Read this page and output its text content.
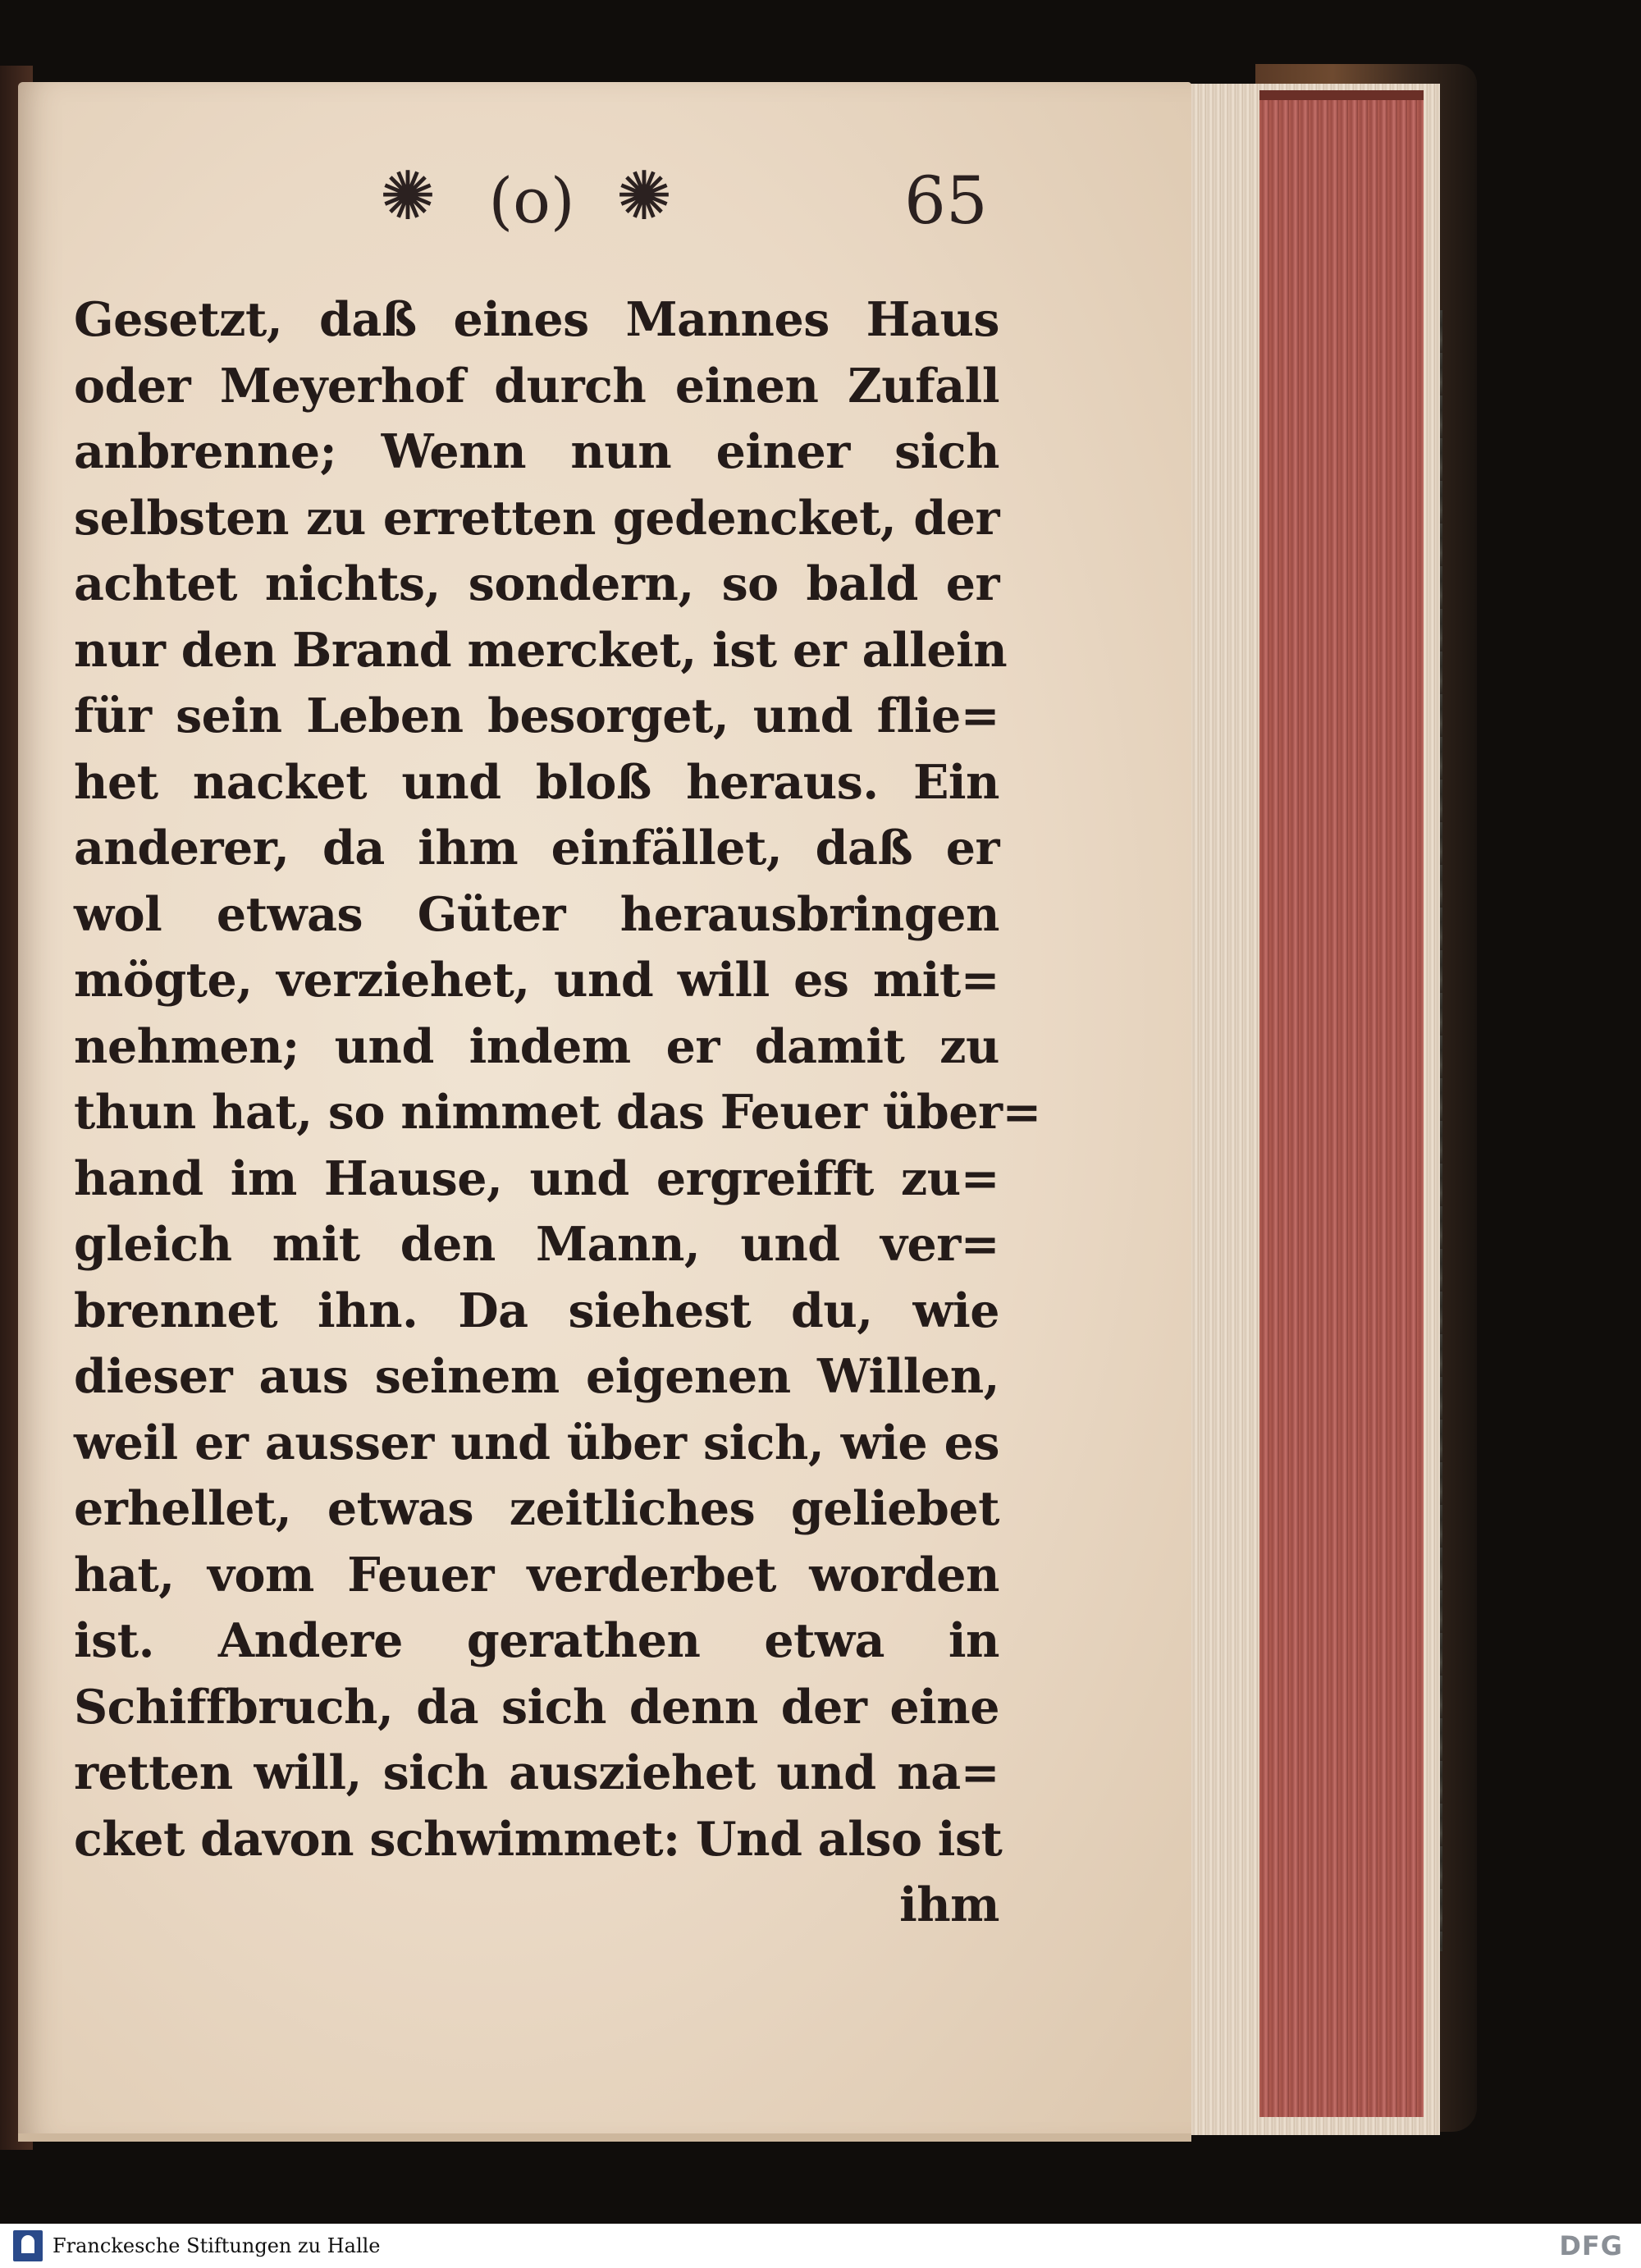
✺ (o) ✺	65
Gesetzt, daß eines Mannes Haus
oder Meyerhof durch einen Zufall
anbrenne; Wenn nun einer sich
selbsten zu erretten gedencket, der
achtet nichts, sondern, so bald er
nur den Brand mercket, ist er allein
für sein Leben besorget, und flie=
het nacket und bloß heraus. Ein
anderer, da ihm einfället, daß er
wol etwas Güter herausbringen
mögte, verziehet, und will es mit=
nehmen; und indem er damit zu
thun hat, so nimmet das Feuer über=
hand im Hause, und ergreifft zu=
gleich mit den Mann, und ver=
brennet ihn. Da siehest du, wie
dieser aus seinem eigenen Willen,
weil er ausser und über sich, wie es
erhellet, etwas zeitliches geliebet
hat, vom Feuer verderbet worden
ist. Andere gerathen etwa in
Schiffbruch, da sich denn der eine
retten will, sich ausziehet und na=
cket davon schwimmet: Und also ist
ihm
Franckesche Stiftungen zu Halle	DFG
